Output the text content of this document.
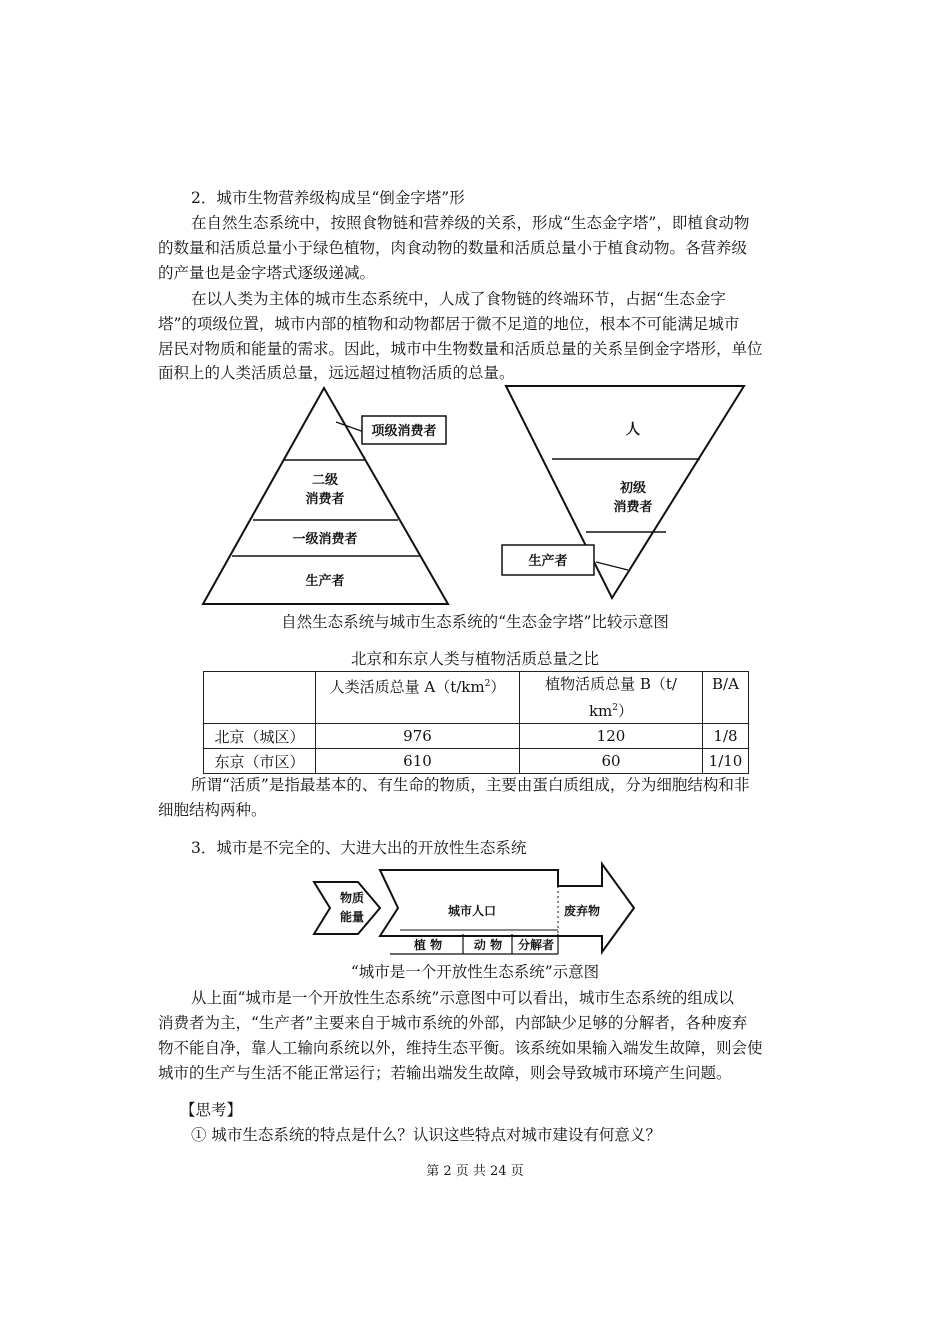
2．城市生物营养级构成呈“倒金字塔”形
在自然生态系统中，按照食物链和营养级的关系，形成“生态金字塔”，即植食动物
的数量和活质总量小于绿色植物，肉食动物的数量和活质总量小于植食动物。各营养级
的产量也是金字塔式逐级递减。
在以人类为主体的城市生态系统中，人成了食物链的终端环节，占据“生态金字
塔”的项级位置，城市内部的植物和动物都居于微不足道的地位，根本不可能满足城市
居民对物质和能量的需求。因此，城市中生物数量和活质总量的关系呈倒金字塔形，单位
面积上的人类活质总量，远远超过植物活质的总量。
项级消费者
二级
消费者
一级消费者
生产者
人
初级
消费者
生产者
自然生态系统与城市生态系统的“生态金字塔”比较示意图
北京和东京人类与植物活质总量之比
	人类活质总量 $A(t/km^2)$	植物活质总量 B（t/
$km^2$）	B/A
北京（城区）	976	120	1/8
东京（市区）	610	60	1/10
所谓“活质”是指最基本的、有生命的物质，主要由蛋白质组成，分为细胞结构和非
细胞结构两种。
3．城市是不完全的、大进大出的开放性生态系统
物质
能量	城市人口	废弃物
植 物	动 物 分解者
“城市是一个开放性生态系统”示意图
从上面“城市是一个开放性生态系统”示意图中可以看出，城市生态系统的组成以
消费者为主，“生产者”主要来自于城市系统的外部，内部缺少足够的分解者，各种废弃
物不能自净，靠人工输向系统以外，维持生态平衡。该系统如果输入端发生故障，则会使
城市的生产与生活不能正常运行；若输出端发生故障，则会导致城市环境产生问题。
【思考】
① 城市生态系统的特点是什么？认识这些特点对城市建设有何意义？
第 2 页 共 24 页
